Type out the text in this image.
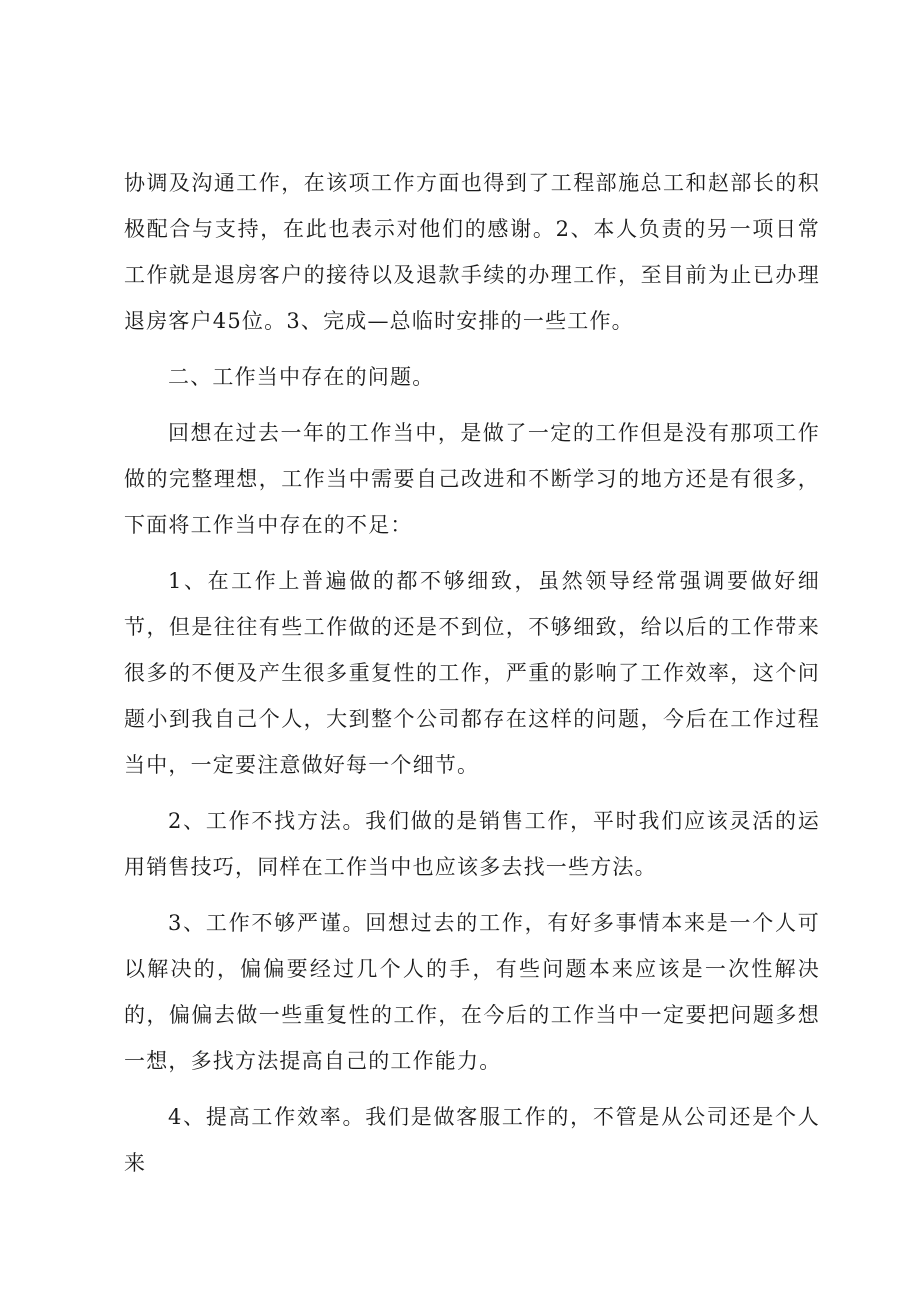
协调及沟通工作，在该项工作方面也得到了工程部施总工和赵部长的积极配合与支持，在此也表示对他们的感谢。2、本人负责的另一项日常工作就是退房客户的接待以及退款手续的办理工作，至目前为止已办理退房客户45位。3、完成—总临时安排的一些工作。

二、工作当中存在的问题。

回想在过去一年的工作当中，是做了一定的工作但是没有那项工作做的完整理想，工作当中需要自己改进和不断学习的地方还是有很多，下面将工作当中存在的不足：

1、在工作上普遍做的都不够细致，虽然领导经常强调要做好细节，但是往往有些工作做的还是不到位，不够细致，给以后的工作带来很多的不便及产生很多重复性的工作，严重的影响了工作效率，这个问题小到我自己个人，大到整个公司都存在这样的问题，今后在工作过程当中，一定要注意做好每一个细节。

2、工作不找方法。我们做的是销售工作，平时我们应该灵活的运用销售技巧，同样在工作当中也应该多去找一些方法。

3、工作不够严谨。回想过去的工作，有好多事情本来是一个人可以解决的，偏偏要经过几个人的手，有些问题本来应该是一次性解决的，偏偏去做一些重复性的工作，在今后的工作当中一定要把问题多想一想，多找方法提高自己的工作能力。

4、提高工作效率。我们是做客服工作的，不管是从公司还是个人来
